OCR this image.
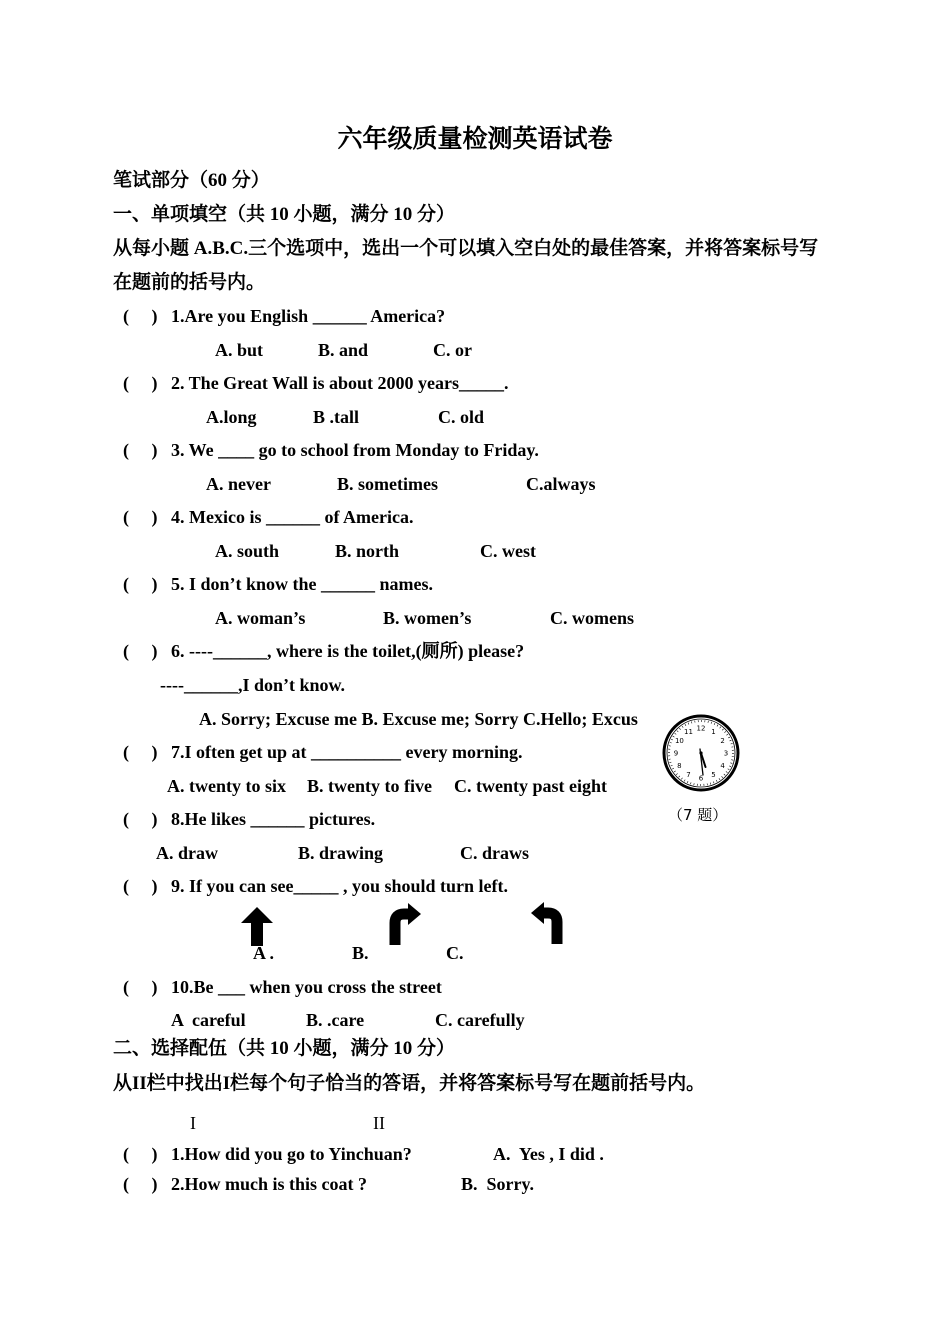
六年级质量检测英语试卷
笔试部分（60 分）
一、单项填空（共 10 小题，满分 10 分）
从每小题 A.B.C.三个选项中，选出一个可以填入空白处的最佳答案，并将答案标号写
在题前的括号内。
(     ) 1.Are you English ______ America?
A. but	B. and	C. or
(     ) 2. The Great Wall is about 2000 years_____.
A.long	B .tall	C. old
(     ) 3. We ____ go to school from Monday to Friday.
A. never	B. sometimes	C.always
(     ) 4. Mexico is ______ of America.
A. south	B. north	C. west
(     ) 5. I don’t know the ______ names.
A. woman’s	B. women’s	C. womens
(     ) 6. ----______, where is the toilet,(厕所) please?
----______,I don’t know.
A. Sorry; Excuse me B. Excuse me; Sorry C.Hello; Excus
1
2
3
4
5
6
7
8
9
10
11 12
(     ) 7.I often get up at __________ every morning.
A. twenty to six B. twenty to five C. twenty past eight
（7 题）
(     ) 8.He likes ______ pictures.
A. draw	B. drawing	C. draws
(     ) 9. If you can see_____ , you should turn left.
A .	B.	C.
(     ) 10.Be ___ when you cross the street
A  careful	B. .care	C. carefully
二、选择配伍（共 10 小题，满分 10 分）
从II栏中找出I栏每个句子恰当的答语，并将答案标号写在题前括号内。
I	II
(     ) 1.How did you go to Yinchuan?	A.  Yes , I did .
(     ) 2.How much is this coat ?	B.  Sorry.
